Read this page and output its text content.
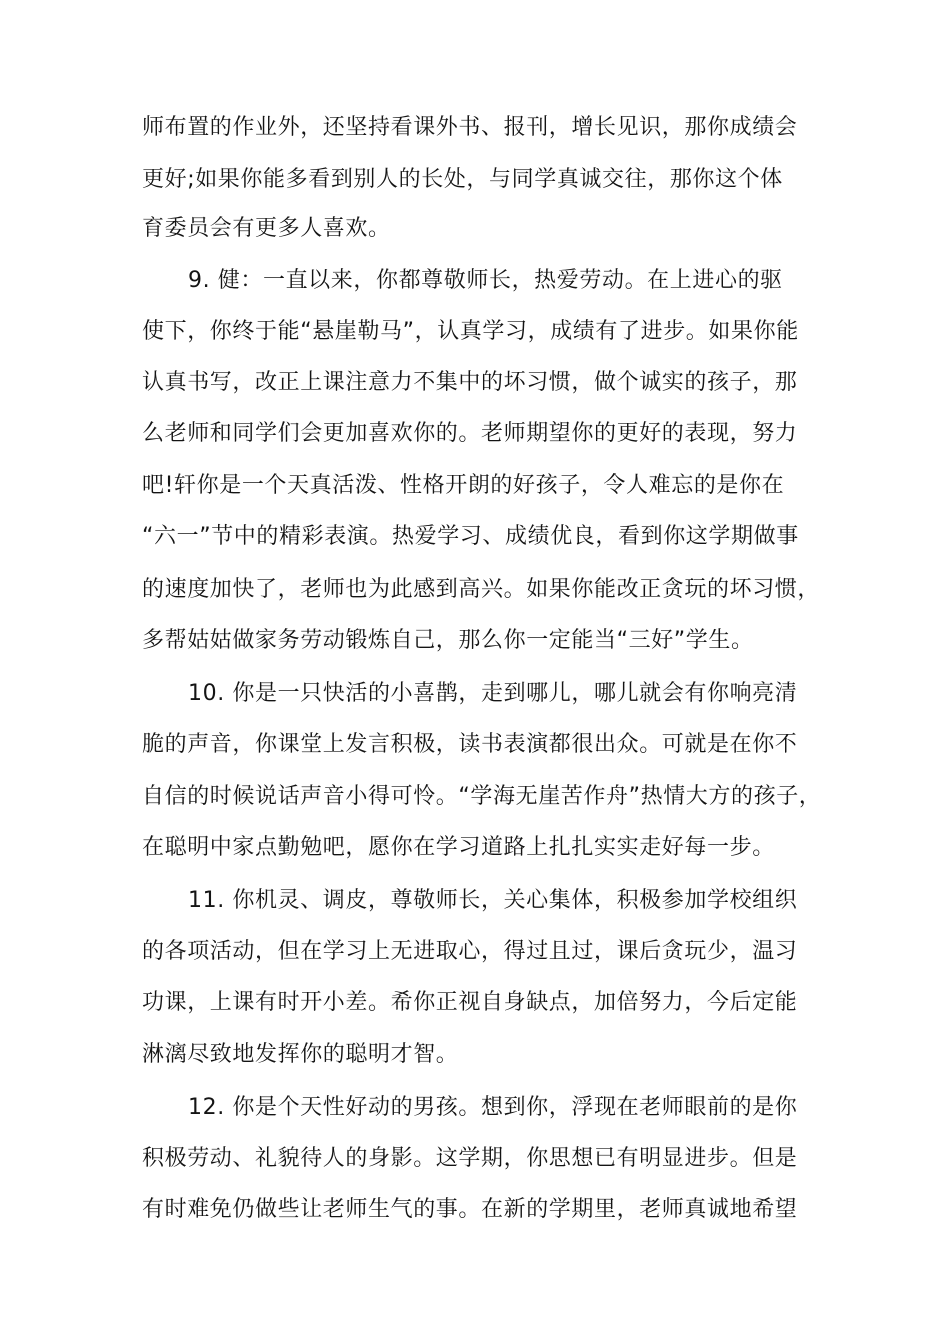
师布置的作业外，还坚持看课外书、报刊，增长见识，那你成绩会
更好;如果你能多看到别人的长处，与同学真诚交往，那你这个体
育委员会有更多人喜欢。
9. 健：一直以来，你都尊敬师长，热爱劳动。在上进心的驱
使下，你终于能“悬崖勒马”，认真学习，成绩有了进步。如果你能
认真书写，改正上课注意力不集中的坏习惯，做个诚实的孩子，那
么老师和同学们会更加喜欢你的。老师期望你的更好的表现，努力
吧!轩你是一个天真活泼、性格开朗的好孩子，令人难忘的是你在
“六一”节中的精彩表演。热爱学习、成绩优良，看到你这学期做事
的速度加快了，老师也为此感到高兴。如果你能改正贪玩的坏习惯，
多帮姑姑做家务劳动锻炼自己，那么你一定能当“三好”学生。
10. 你是一只快活的小喜鹊，走到哪儿，哪儿就会有你响亮清
脆的声音，你课堂上发言积极，读书表演都很出众。可就是在你不
自信的时候说话声音小得可怜。“学海无崖苦作舟”热情大方的孩子，
在聪明中家点勤勉吧，愿你在学习道路上扎扎实实走好每一步。
11. 你机灵、调皮，尊敬师长，关心集体，积极参加学校组织
的各项活动，但在学习上无进取心，得过且过，课后贪玩少，温习
功课，上课有时开小差。希你正视自身缺点，加倍努力，今后定能
淋漓尽致地发挥你的聪明才智。
12. 你是个天性好动的男孩。想到你，浮现在老师眼前的是你
积极劳动、礼貌待人的身影。这学期，你思想已有明显进步。但是
有时难免仍做些让老师生气的事。在新的学期里，老师真诚地希望
